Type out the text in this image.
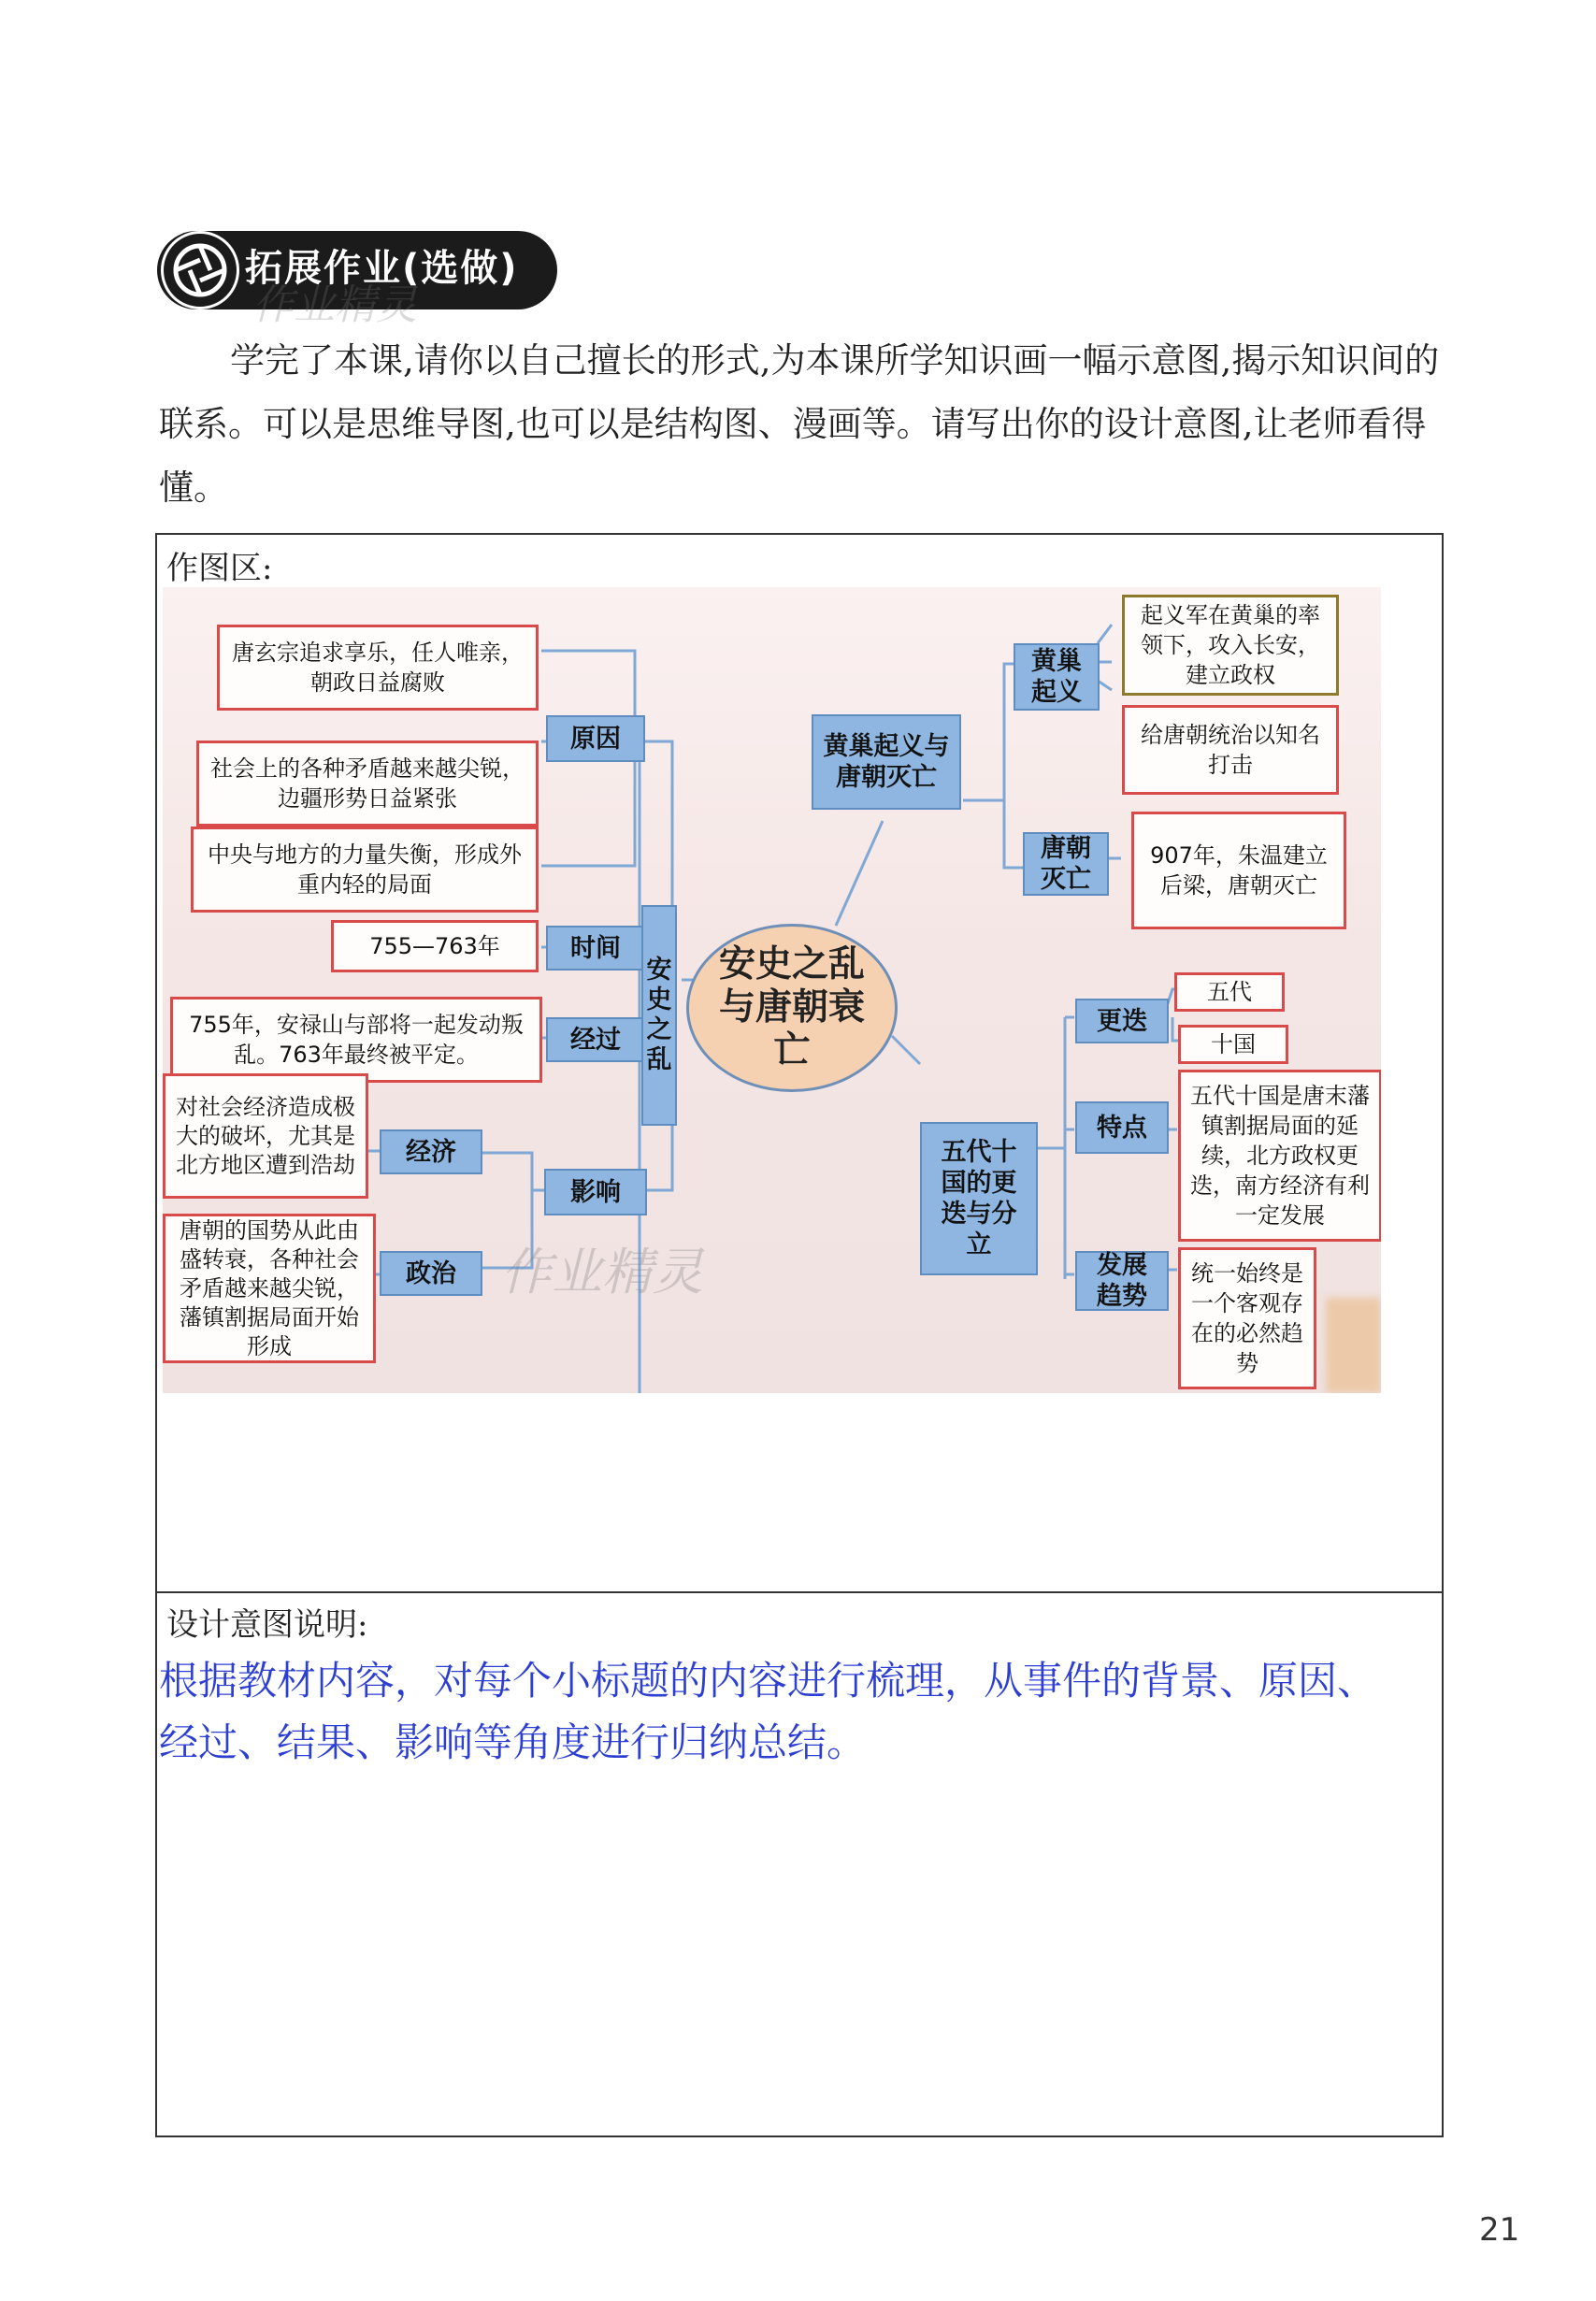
拓展作业(选做)
作业精灵

学完了本课,请你以自己擅长的形式,为本课所学知识画一幅示意图,揭示知识间的联系。可以是思维导图,也可以是结构图、漫画等。请写出你的设计意图,让老师看得懂。

作图区:
唐玄宗追求享乐，任人唯亲，朝政日益腐败
社会上的各种矛盾越来越尖锐，边疆形势日益紧张
中央与地方的力量失衡，形成外重内轻的局面
755—763年
755年，安禄山与部将一起发动叛乱。763年最终被平定。
对社会经济造成极大的破坏，尤其是北方地区遭到浩劫
唐朝的国势从此由盛转衰，各种社会矛盾越来越尖锐，藩镇割据局面开始形成
原因
时间
经过
经济
政治
影响
安史之乱
安史之乱与唐朝衰亡
黄巢起义与唐朝灭亡
黄巢起义
唐朝灭亡
起义军在黄巢的率领下，攻入长安，建立政权
给唐朝统治以知名打击
907年，朱温建立后梁，唐朝灭亡
五代十国的更迭与分立
更迭
特点
发展趋势
五代
十国
五代十国是唐末藩镇割据局面的延续，北方政权更迭，南方经济有利一定发展
统一始终是一个客观存在的必然趋势
作业精灵
设计意图说明:
根据教材内容，对每个小标题的内容进行梳理，从事件的背景、原因、经过、结果、影响等角度进行归纳总结。
21
